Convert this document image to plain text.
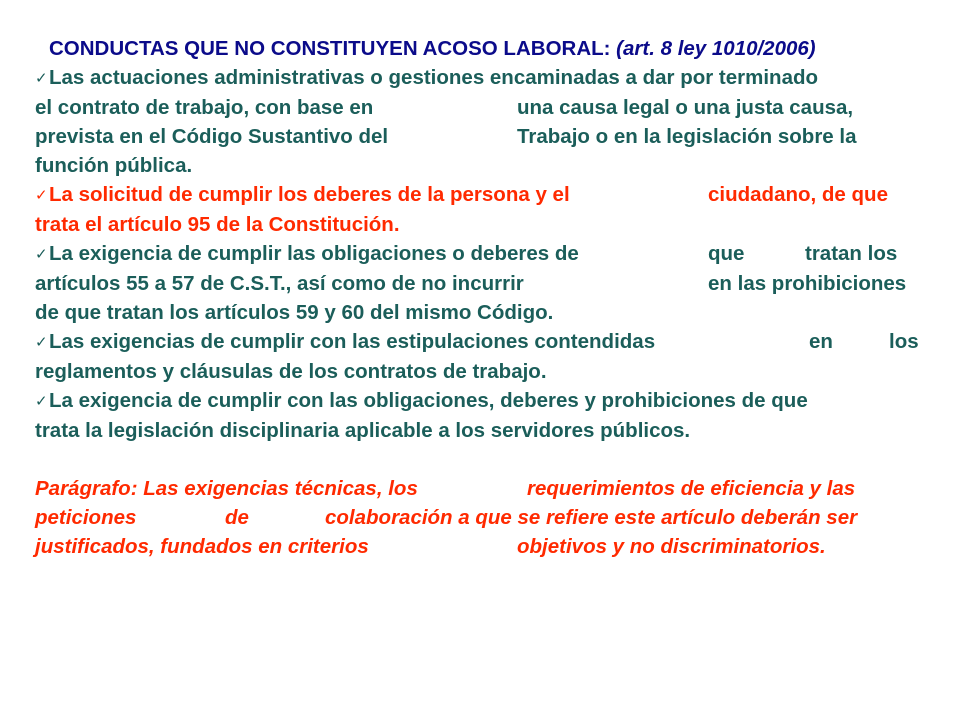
CONDUCTAS QUE NO CONSTITUYEN ACOSO LABORAL: (art. 8 ley 1010/2006)
✓Las actuaciones administrativas o gestiones encaminadas a dar por terminado
el contrato de trabajo, con base en	una causa legal o una justa causa,
prevista en el Código Sustantivo del	Trabajo o en la legislación sobre la
función pública.
✓La solicitud de cumplir los deberes de la persona y el	ciudadano, de que
trata el artículo 95 de la Constitución.
✓La exigencia de cumplir las obligaciones o deberes de	que	tratan los
artículos 55 a 57 de C.S.T., así como de no incurrir	en las prohibiciones
de que tratan los artículos 59 y 60 del mismo Código.
✓Las exigencias de cumplir con las estipulaciones contendidas	en	los
reglamentos y cláusulas de los contratos de trabajo.
✓La exigencia de cumplir con las obligaciones, deberes y prohibiciones de que
trata la legislación disciplinaria aplicable a los servidores públicos.
Parágrafo: Las exigencias técnicas, los	requerimientos de eficiencia y las
peticiones	de	colaboración a que se refiere este artículo deberán ser
justificados, fundados en criterios	objetivos y no discriminatorios.
